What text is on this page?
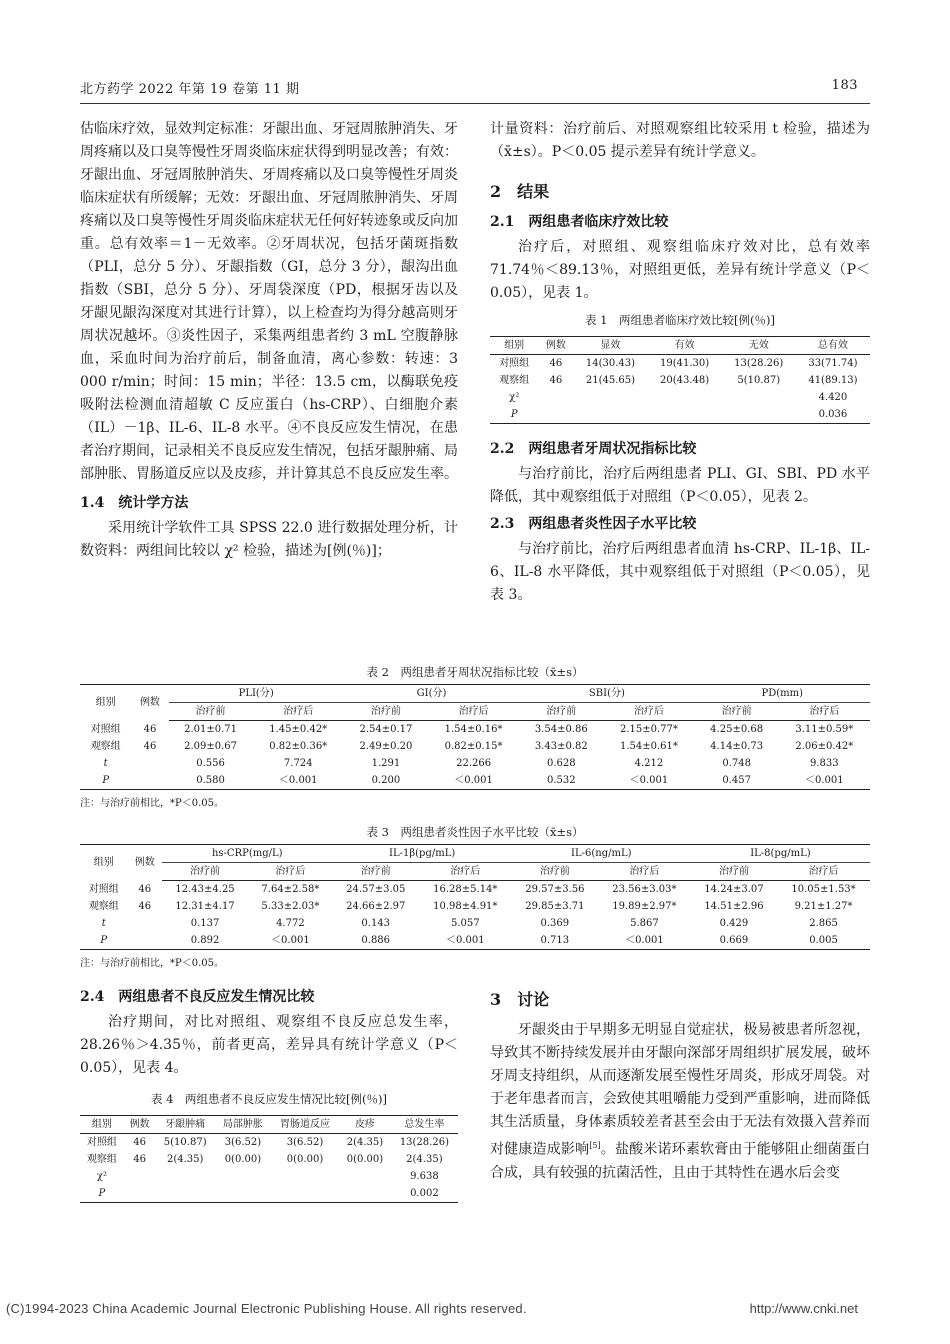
北方药学 2022 年第 19 卷第 11 期	183

估临床疗效，显效判定标准：牙龈出血、牙冠周脓肿消失、牙周疼痛以及口臭等慢性牙周炎临床症状得到明显改善；有效：牙龈出血、牙冠周脓肿消失、牙周疼痛以及口臭等慢性牙周炎临床症状有所缓解；无效：牙龈出血、牙冠周脓肿消失、牙周疼痛以及口臭等慢性牙周炎临床症状无任何好转迹象或反向加重。总有效率＝1－无效率。②牙周状况，包括牙菌斑指数（PLI，总分 5 分）、牙龈指数（GI，总分 3 分），龈沟出血指数（SBI，总分 5 分）、牙周袋深度（PD，根据牙齿以及牙龈见龈沟深度对其进行计算），以上检查均为得分越高则牙周状况越坏。③炎性因子，采集两组患者约 3 mL 空腹静脉血，采血时间为治疗前后，制备血清，离心参数：转速：3 000 r/min；时间：15 min；半径：13.5 cm，以酶联免疫吸附法检测血清超敏 C 反应蛋白（hs-CRP）、白细胞介素（IL）－1β、IL-6、IL-8 水平。④不良反应发生情况，在患者治疗期间，记录相关不良反应发生情况，包括牙龈肿痛、局部肿胀、胃肠道反应以及皮疹，并计算其总不良反应发生率。

1.4　统计学方法

采用统计学软件工具 SPSS 22.0 进行数据处理分析，计数资料：两组间比较以 χ² 检验，描述为[例(％)]；

计量资料：治疗前后、对照观察组比较采用 t 检验，描述为（x̄±s）。P＜0.05 提示差异有统计学意义。

2　结果
2.1　两组患者临床疗效比较

治疗后，对照组、观察组临床疗效对比，总有效率 71.74％＜89.13％，对照组更低，差异有统计学意义（P＜0.05），见表 1。

表 1　两组患者临床疗效比较[例(％)]
组别	例数	显效	有效	无效	总有效
对照组	46	14(30.43)	19(41.30)	13(28.26)	33(71.74)
观察组	46	21(45.65)	20(43.48)	5(10.87)	41(89.13)
χ²					4.420
P					0.036
2.2　两组患者牙周状况指标比较

与治疗前比，治疗后两组患者 PLI、GI、SBI、PD 水平降低，其中观察组低于对照组（P＜0.05），见表 2。

2.3　两组患者炎性因子水平比较

与治疗前比，治疗后两组患者血清 hs-CRP、IL-1β、IL-6、IL-8 水平降低，其中观察组低于对照组（P＜0.05），见表 3。

表 2　两组患者牙周状况指标比较（x̄±s）
组别	例数	PLI(分)		GI(分)		SBI(分)		PD(mm)	
		治疗前	治疗后	治疗前	治疗后	治疗前	治疗后	治疗前	治疗后
对照组	46	2.01±0.71	1.45±0.42*	2.54±0.17	1.54±0.16*	3.54±0.86	2.15±0.77*	4.25±0.68	3.11±0.59*
观察组	46	2.09±0.67	0.82±0.36*	2.49±0.20	0.82±0.15*	3.43±0.82	1.54±0.61*	4.14±0.73	2.06±0.42*
t		0.556	7.724	1.291	22.266	0.628	4.212	0.748	9.833
P		0.580	＜0.001	0.200	＜0.001	0.532	＜0.001	0.457	＜0.001
注：与治疗前相比，*P＜0.05。
表 3　两组患者炎性因子水平比较（x̄±s）
组别	例数	hs-CRP(mg/L)		IL-1β(pg/mL)		IL-6(ng/mL)		IL-8(pg/mL)	
		治疗前	治疗后	治疗前	治疗后	治疗前	治疗后	治疗前	治疗后
对照组	46	12.43±4.25	7.64±2.58*	24.57±3.05	16.28±5.14*	29.57±3.56	23.56±3.03*	14.24±3.07	10.05±1.53*
观察组	46	12.31±4.17	5.33±2.03*	24.66±2.97	10.98±4.91*	29.85±3.71	19.89±2.97*	14.51±2.96	9.21±1.27*
t		0.137	4.772	0.143	5.057	0.369	5.867	0.429	2.865
P		0.892	＜0.001	0.886	＜0.001	0.713	＜0.001	0.669	0.005
注：与治疗前相比，*P＜0.05。
2.4　两组患者不良反应发生情况比较

治疗期间，对比对照组、观察组不良反应总发生率，28.26％＞4.35％，前者更高，差异具有统计学意义（P＜0.05），见表 4。

表 4　两组患者不良反应发生情况比较[例(％)]
组别	例数	牙龈肿痛	局部肿胀	胃肠道反应	皮疹	总发生率
对照组	46	5(10.87)	3(6.52)	3(6.52)	2(4.35)	13(28.26)
观察组	46	2(4.35)	0(0.00)	0(0.00)	0(0.00)	2(4.35)
χ²						9.638
P						0.002
3　讨论

牙龈炎由于早期多无明显自觉症状，极易被患者所忽视，导致其不断持续发展并由牙龈向深部牙周组织扩展发展，破坏牙周支持组织，从而逐渐发展至慢性牙周炎，形成牙周袋。对于老年患者而言，会致使其咀嚼能力受到严重影响，进而降低其生活质量，身体素质较差者甚至会由于无法有效摄入营养而对健康造成影响[5]。盐酸米诺环素软膏由于能够阻止细菌蛋白合成，具有较强的抗菌活性，且由于其特性在遇水后会变

(C)1994-2023 China Academic Journal Electronic Publishing House. All rights reserved.	http://www.cnki.net
